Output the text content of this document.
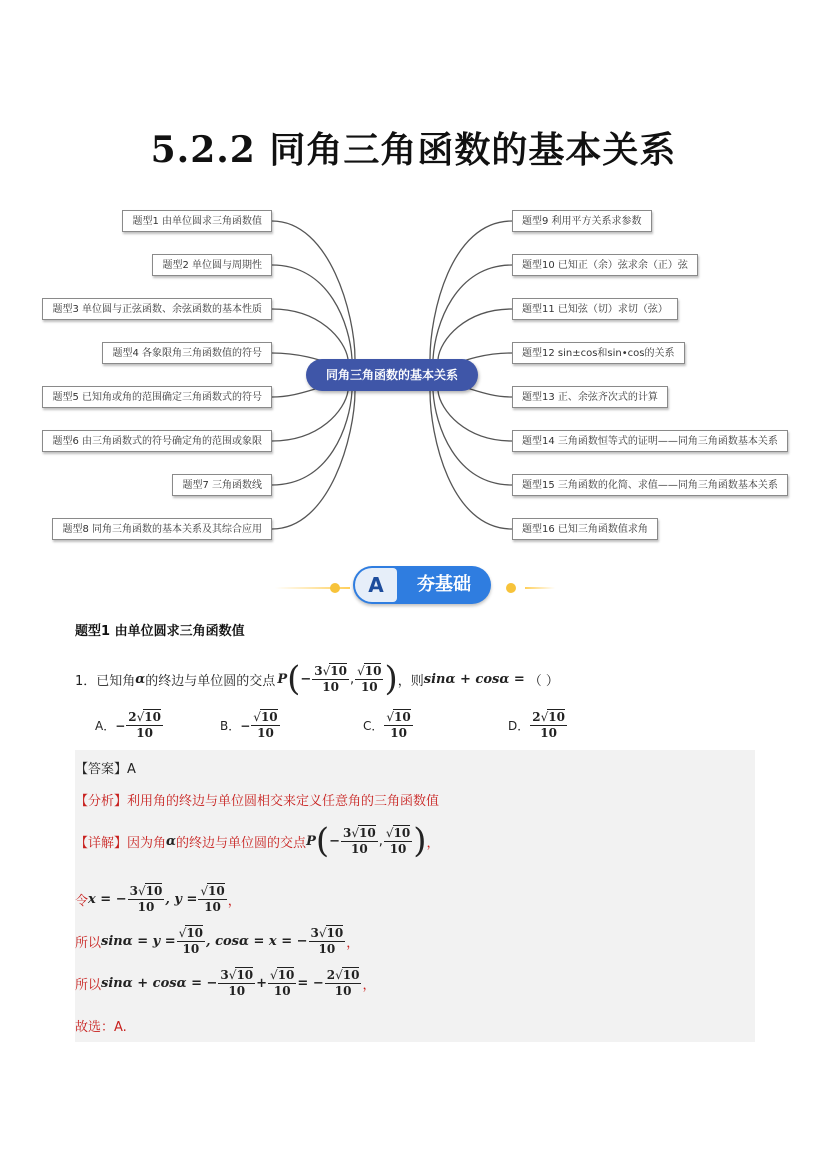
5.2.2 同角三角函数的基本关系
题型1 由单位圆求三角函数值
题型2 单位圆与周期性
题型3 单位圆与正弦函数、余弦函数的基本性质
题型4 各象限角三角函数值的符号
题型5 已知角或角的范围确定三角函数式的符号
题型6 由三角函数式的符号确定角的范围或象限
题型7 三角函数线
题型8 同角三角函数的基本关系及其综合应用
同角三角函数的基本关系
题型9 利用平方关系求参数
题型10 已知正（余）弦求余（正）弦
题型11 已知弦（切）求切（弦）
题型12 sin±cos和sin•cos的关系
题型13 正、余弦齐次式的计算
题型14 三角函数恒等式的证明——同角三角函数基本关系
题型15 三角函数的化简、求值——同角三角函数基本关系
题型16 已知三角函数值求角
A	夯基础
题型1 由单位圆求三角函数值
1．已知角 α 的终边与单位圆的交点 P ( − $\frac{3√10}{10}$ , $\frac{√10}{10}$ ) ，则 sinα + cosα = （ ）
A． − $\frac{2√10}{10}$	B． − $\frac{√10}{10}$	C． $\frac{√10}{10}$	D． $\frac{2√10}{10}$
【答案】A
【分析】 利用角的终边与单位圆相交来定义任意角的三角函数值
【详解】 因为角 α 的终边与单位圆的交点 P ( − $\frac{3√10}{10}$ , $\frac{√10}{10}$ ) ，
令 x = − $\frac{3√10}{10}$ , $y = \frac{√10}{10}$ ，
所以 $\sin\alpha = y = \frac{√10}{10}$ , cosα = x = − $\frac{3√10}{10}$ ，
所以 sinα + cosα = − $\frac{3√10}{10} + \frac{√10}{10}$ = − $\frac{2√10}{10}$ ，
故选：A.
